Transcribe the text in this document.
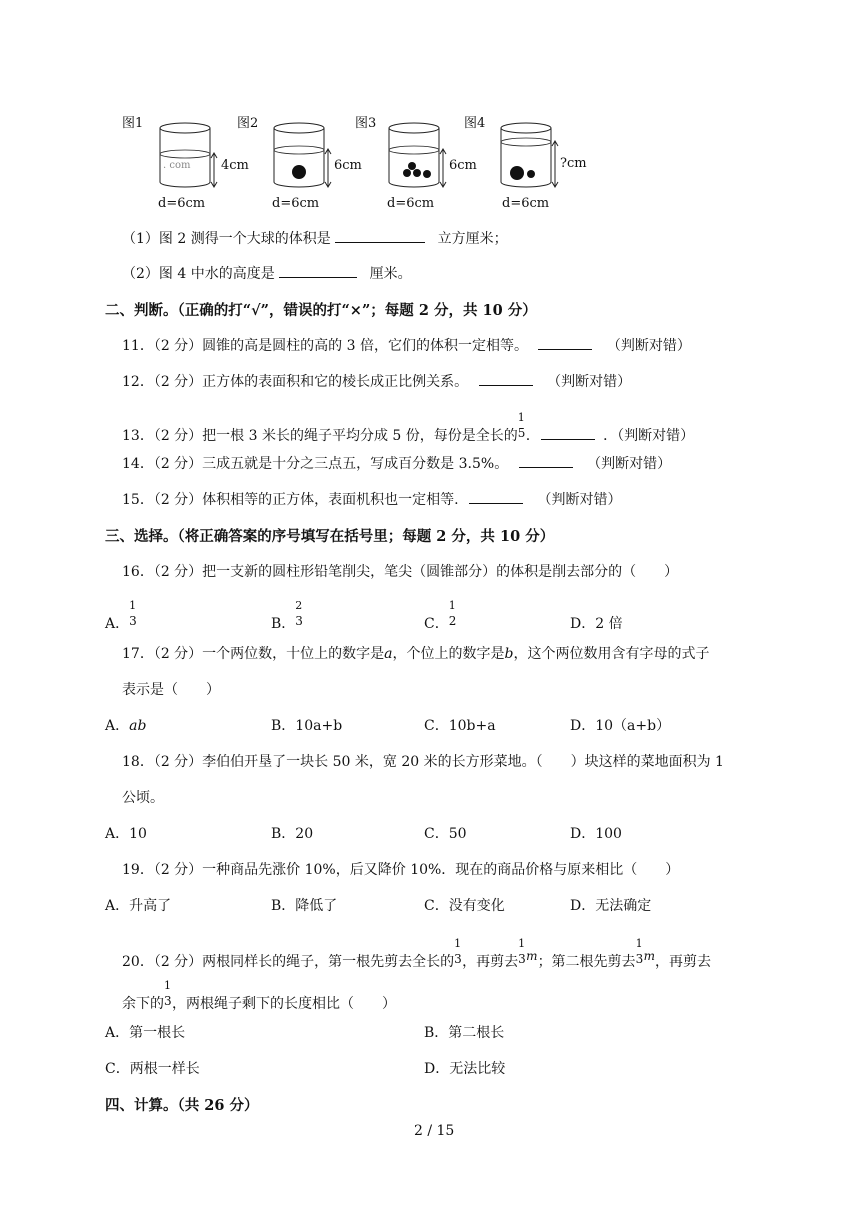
图1	图2	图3	图4
. com 4cm
d=6cm
6cm
d=6cm
6cm
d=6cm
?cm
d=6cm
（1）图 2 测得一个大球的体积是	立方厘米；
（2）图 4 中水的高度是	厘米。
二、判断。（正确的打“√”，错误的打“×”；每题 2 分，共 10 分）
11．（2 分）圆锥的高是圆柱的高的 3 倍，它们的体积一定相等。	（判断对错）
12．（2 分）正方体的表面积和它的棱长成正比例关系。	（判断对错）
13．（2 分）把一根 3 米长的绳子平均分成 5 份，每份是全长的
1
5 .	．（判断对错）
14．（2 分）三成五就是十分之三点五，写成百分数是 3.5%。	（判断对错）
15．（2 分）体积相等的正方体，表面机积也一定相等.	（判断对错）
三、选择。（将正确答案的序号填写在括号里；每题 2 分，共 10 分）
16．（2 分）把一支新的圆柱形铅笔削尖，笔尖（圆锥部分）的体积是削去部分的（　　）
A．
1
3	B．
2
3	C．
1
2	D．2 倍
17．（2 分）一个两位数，十位上的数字是a，个位上的数字是b，这个两位数用含有字母的式子
表示是（　　）
A．ab	B．10a+b	C．10b+a	D．10（a+b）
18．（2 分）李伯伯开垦了一块长 50 米，宽 20 米的长方形菜地。（　　）块这样的菜地面积为 1
公顷。
A．10	B．20	C．50	D．100
19．（2 分）一种商品先涨价 10%，后又降价 10%．现在的商品价格与原来相比（　　）
A．升高了	B．降低了	C．没有变化	D．无法确定
20．（2 分）两根同样长的绳子，第一根先剪去全长的
1
3 ，再剪去
1
3 m；第二根先剪去
1
3 m，再剪去
余下的
1
3 ，两根绳子剩下的长度相比（　　）
A．第一根长	B．第二根长
C．两根一样长	D．无法比较
四、计算。（共 26 分）
2 / 15
